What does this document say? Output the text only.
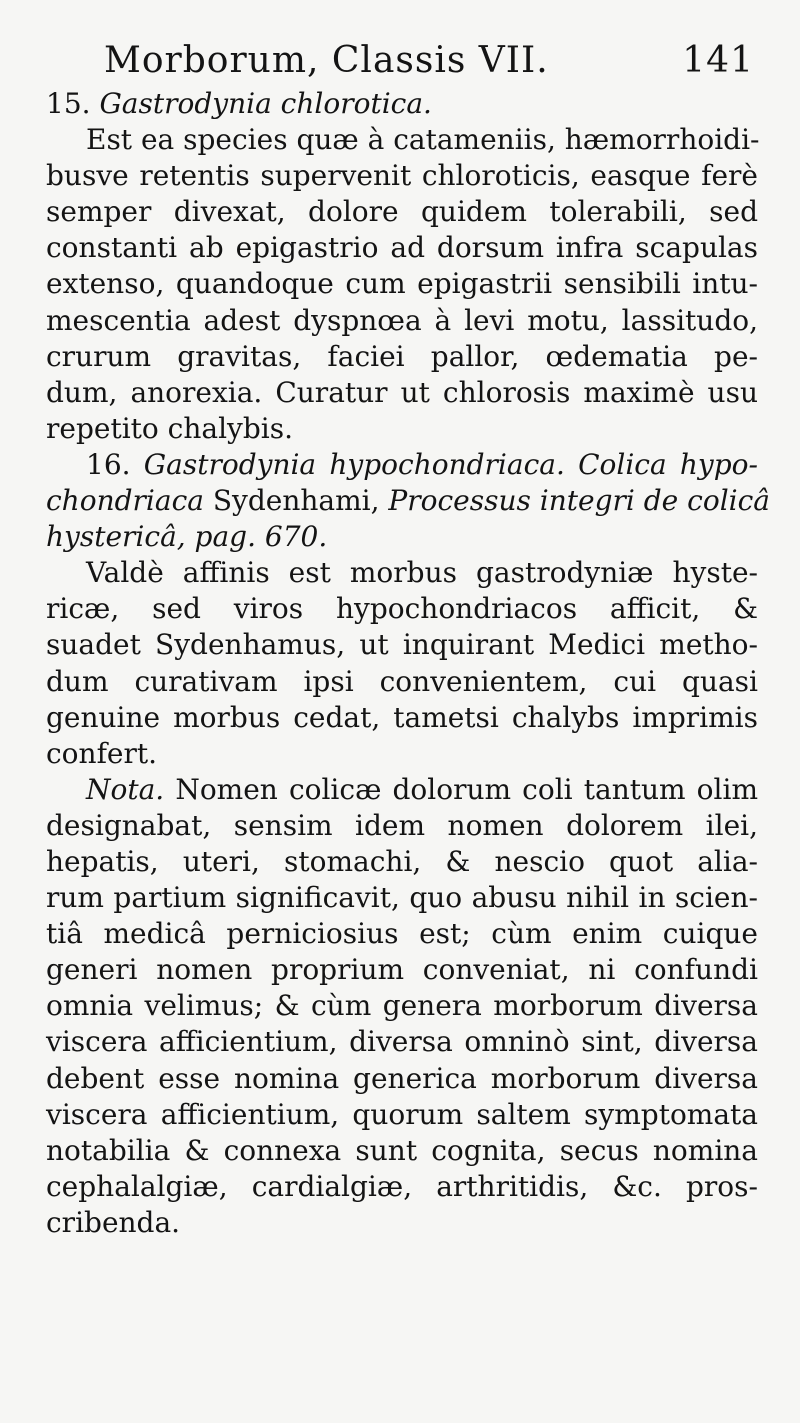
Morborum, Classis VII.	141
15. Gastrodynia chlorotica.
Est ea species quæ à catameniis, hæmorrhoidi-
busve retentis supervenit chloroticis, easque ferè
semper divexat, dolore quidem tolerabili, sed
constanti ab epigastrio ad dorsum infra scapulas
extenso, quandoque cum epigastrii sensibili intu-
mescentia adest dyspnœa à levi motu, lassitudo,
crurum gravitas, faciei pallor, œdematia pe-
dum, anorexia. Curatur ut chlorosis maximè usu
repetito chalybis.
16. Gastrodynia hypochondriaca. Colica hypo-
chondriaca Sydenhami, Processus integri de colicâ
hystericâ, pag. 670.
Valdè affinis est morbus gastrodyniæ hyste-
ricæ, sed viros hypochondriacos afficit, &
suadet Sydenhamus, ut inquirant Medici metho-
dum curativam ipsi convenientem, cui quasi
genuine morbus cedat, tametsi chalybs imprimis
confert.
Nota. Nomen colicæ dolorum coli tantum olim
designabat, sensim idem nomen dolorem ilei,
hepatis, uteri, stomachi, & nescio quot alia-
rum partium significavit, quo abusu nihil in scien-
tiâ medicâ perniciosius est; cùm enim cuique
generi nomen proprium conveniat, ni confundi
omnia velimus; & cùm genera morborum diversa
viscera afficientium, diversa omninò sint, diversa
debent esse nomina generica morborum diversa
viscera afficientium, quorum saltem symptomata
notabilia & connexa sunt cognita, secus nomina
cephalalgiæ, cardialgiæ, arthritidis, &c. pros-
cribenda.
